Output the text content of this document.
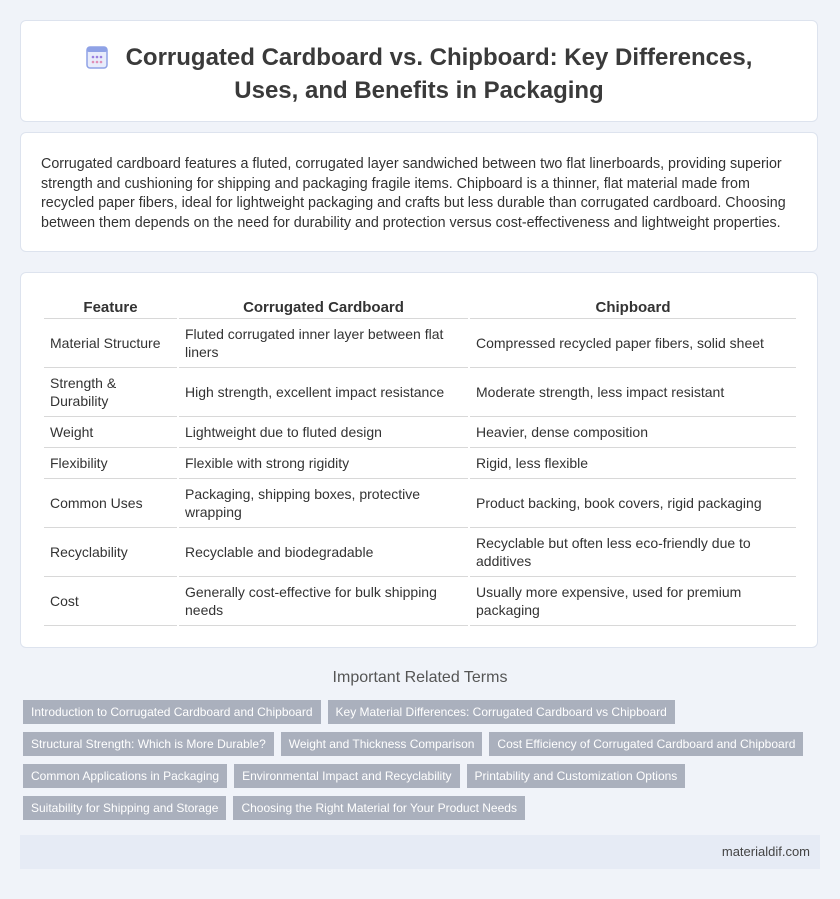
Corrugated Cardboard vs. Chipboard: Key Differences, Uses, and Benefits in Packaging

Corrugated cardboard features a fluted, corrugated layer sandwiched between two flat linerboards, providing superior strength and cushioning for shipping and packaging fragile items. Chipboard is a thinner, flat material made from recycled paper fibers, ideal for lightweight packaging and crafts but less durable than corrugated cardboard. Choosing between them depends on the need for durability and protection versus cost-effectiveness and lightweight properties.

Feature	Corrugated Cardboard	Chipboard
Material Structure	Fluted corrugated inner layer between flat liners	Compressed recycled paper fibers, solid sheet
Strength & Durability	High strength, excellent impact resistance	Moderate strength, less impact resistant
Weight	Lightweight due to fluted design	Heavier, dense composition
Flexibility	Flexible with strong rigidity	Rigid, less flexible
Common Uses	Packaging, shipping boxes, protective wrapping	Product backing, book covers, rigid packaging
Recyclability	Recyclable and biodegradable	Recyclable but often less eco-friendly due to additives
Cost	Generally cost-effective for bulk shipping needs	Usually more expensive, used for premium packaging
Important Related Terms
Introduction to Corrugated Cardboard and Chipboard	Key Material Differences: Corrugated Cardboard vs Chipboard
Structural Strength: Which is More Durable?	Weight and Thickness Comparison	Cost Efficiency of Corrugated Cardboard and Chipboard
Common Applications in Packaging	Environmental Impact and Recyclability	Printability and Customization Options
Suitability for Shipping and Storage	Choosing the Right Material for Your Product Needs
materialdif.com
